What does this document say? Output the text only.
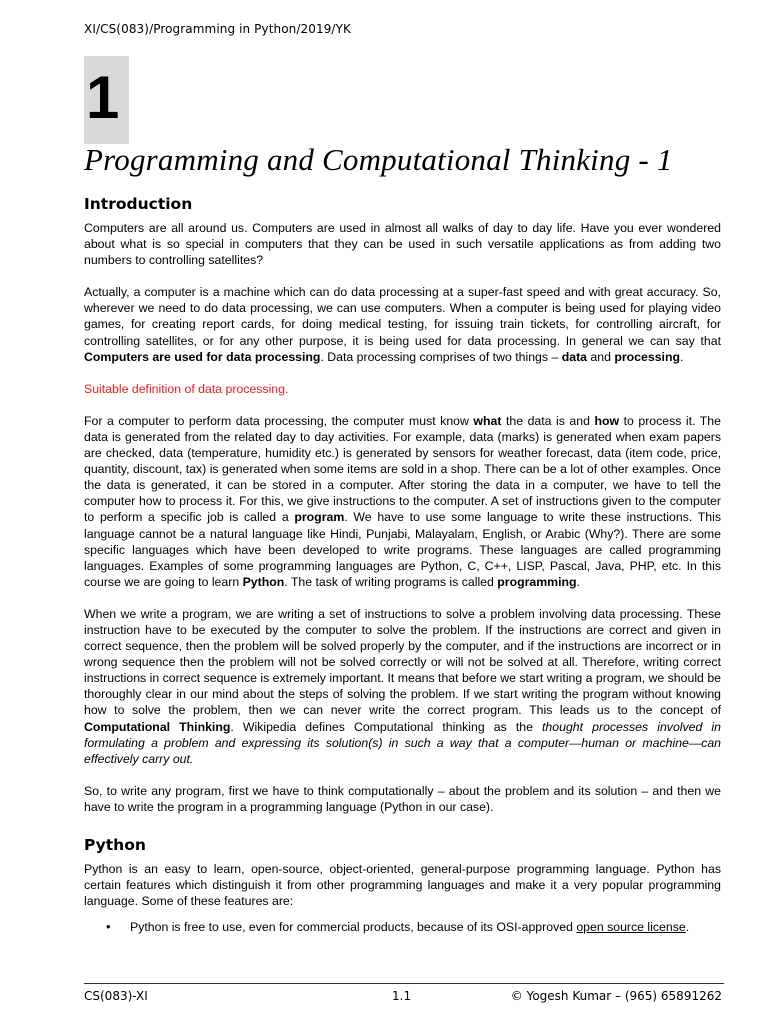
XI/CS(083)/Programming in Python/2019/YK
1
Programming and Computational Thinking - 1
Introduction

Computers are all around us. Computers are used in almost all walks of day to day life. Have you ever wondered about what is so special in computers that they can be used in such versatile applications as from adding two numbers to controlling satellites?

Actually, a computer is a machine which can do data processing at a super-fast speed and with great accuracy. So, wherever we need to do data processing, we can use computers. When a computer is being used for playing video games, for creating report cards, for doing medical testing, for issuing train tickets, for controlling aircraft, for controlling satellites, or for any other purpose, it is being used for data processing. In general we can say that Computers are used for data processing. Data processing comprises of two things – data and processing.

Suitable definition of data processing.

For a computer to perform data processing, the computer must know what the data is and how to process it. The data is generated from the related day to day activities. For example, data (marks) is generated when exam papers are checked, data (temperature, humidity etc.) is generated by sensors for weather forecast, data (item code, price, quantity, discount, tax) is generated when some items are sold in a shop. There can be a lot of other examples. Once the data is generated, it can be stored in a computer. After storing the data in a computer, we have to tell the computer how to process it. For this, we give instructions to the computer. A set of instructions given to the computer to perform a specific job is called a program. We have to use some language to write these instructions. This language cannot be a natural language like Hindi, Punjabi, Malayalam, English, or Arabic (Why?). There are some specific languages which have been developed to write programs. These languages are called programming languages. Examples of some programming languages are Python, C, C++, LISP, Pascal, Java, PHP, etc. In this course we are going to learn Python. The task of writing programs is called programming.

When we write a program, we are writing a set of instructions to solve a problem involving data processing. These instruction have to be executed by the computer to solve the problem. If the instructions are correct and given in correct sequence, then the problem will be solved properly by the computer, and if the instructions are incorrect or in wrong sequence then the problem will not be solved correctly or will not be solved at all. Therefore, writing correct instructions in correct sequence is extremely important. It means that before we start writing a program, we should be thoroughly clear in our mind about the steps of solving the problem. If we start writing the program without knowing how to solve the problem, then we can never write the correct program. This leads us to the concept of Computational Thinking. Wikipedia defines Computational thinking as the thought processes involved in formulating a problem and expressing its solution(s) in such a way that a computer—human or machine—can effectively carry out.

So, to write any program, first we have to think computationally – about the problem and its solution – and then we have to write the program in a programming language (Python in our case).

Python

Python is an easy to learn, open-source, object-oriented, general-purpose programming language. Python has certain features which distinguish it from other programming languages and make it a very popular programming language. Some of these features are:

• Python is free to use, even for commercial products, because of its OSI-approved open source license.
CS(083)-XI	1.1	© Yogesh Kumar – (965) 65891262
